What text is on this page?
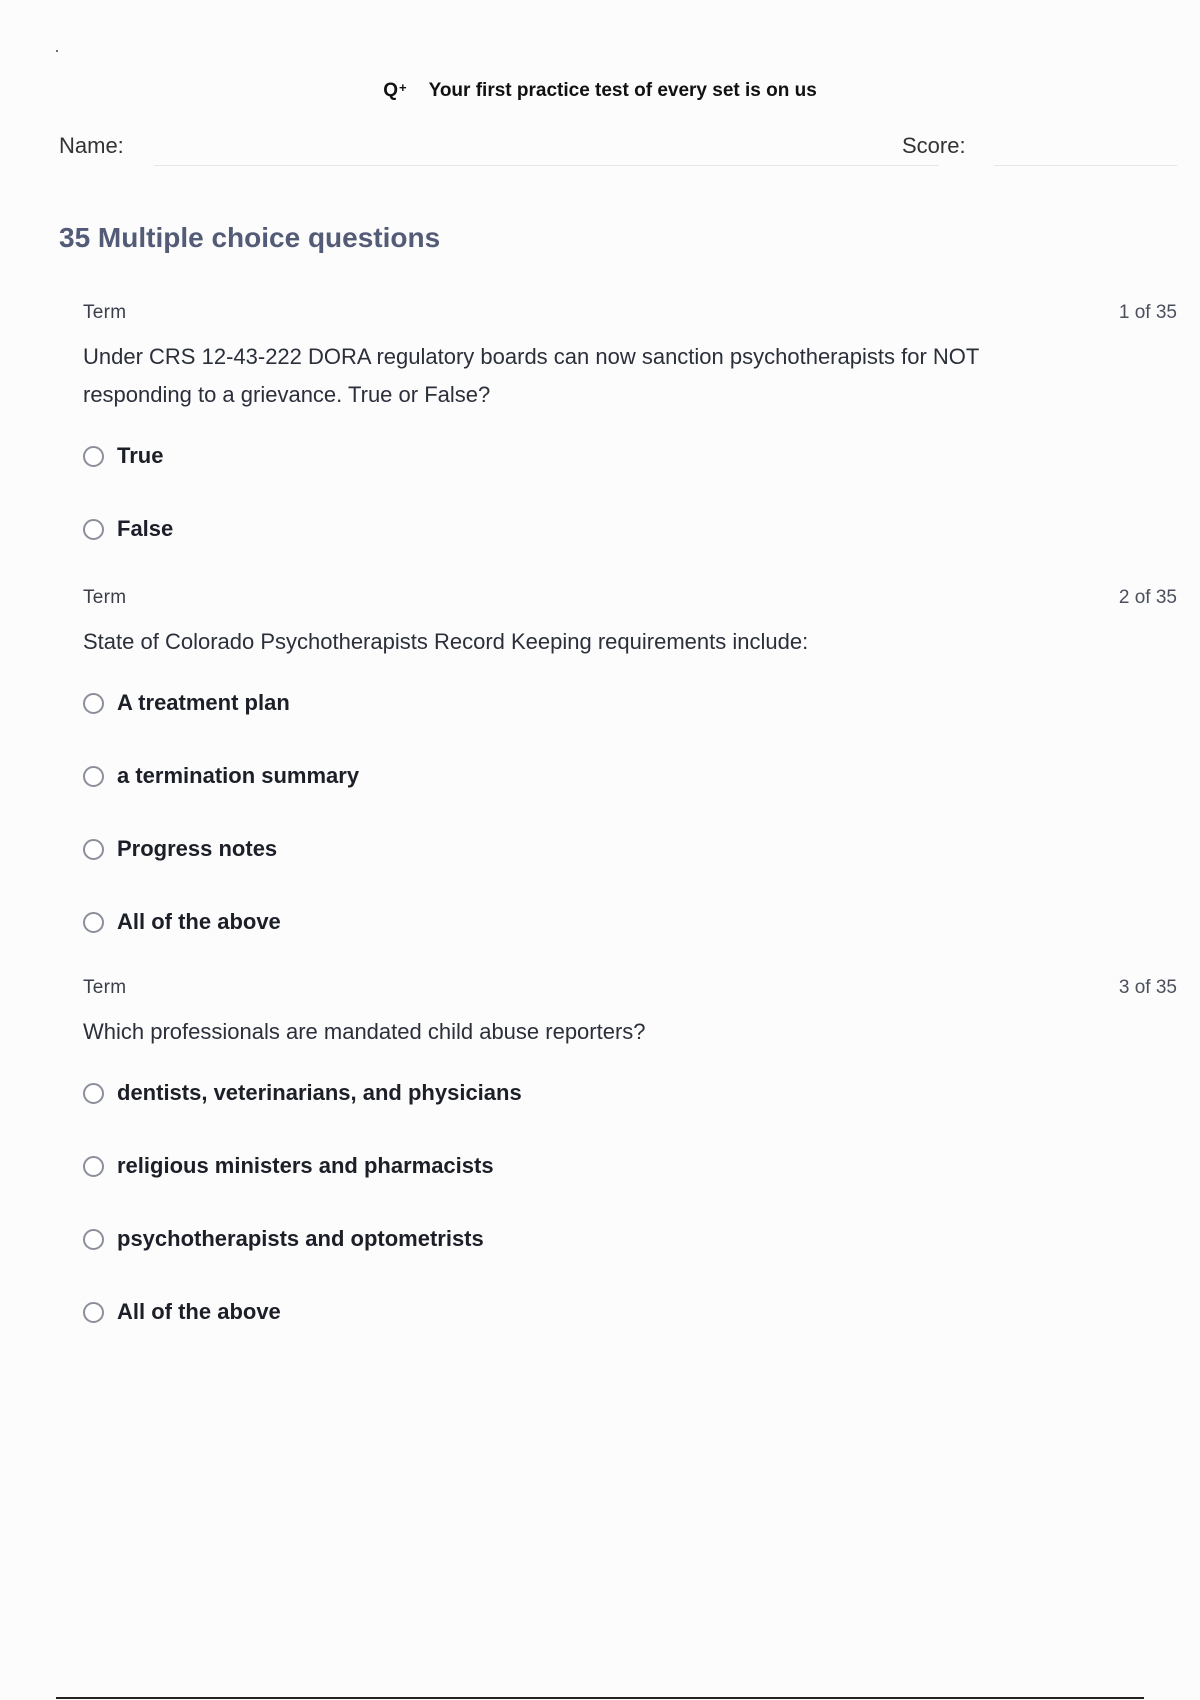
Q+ Your first practice test of every set is on us
Name:	Score:
35 Multiple choice questions
Term	1 of 35
Under CRS 12-43-222 DORA regulatory boards can now sanction psychotherapists for NOT responding to a grievance. True or False?
True
False
Term	2 of 35
State of Colorado Psychotherapists Record Keeping requirements include:
A treatment plan
a termination summary
Progress notes
All of the above
Term	3 of 35
Which professionals are mandated child abuse reporters?
dentists, veterinarians, and physicians
religious ministers and pharmacists
psychotherapists and optometrists
All of the above
